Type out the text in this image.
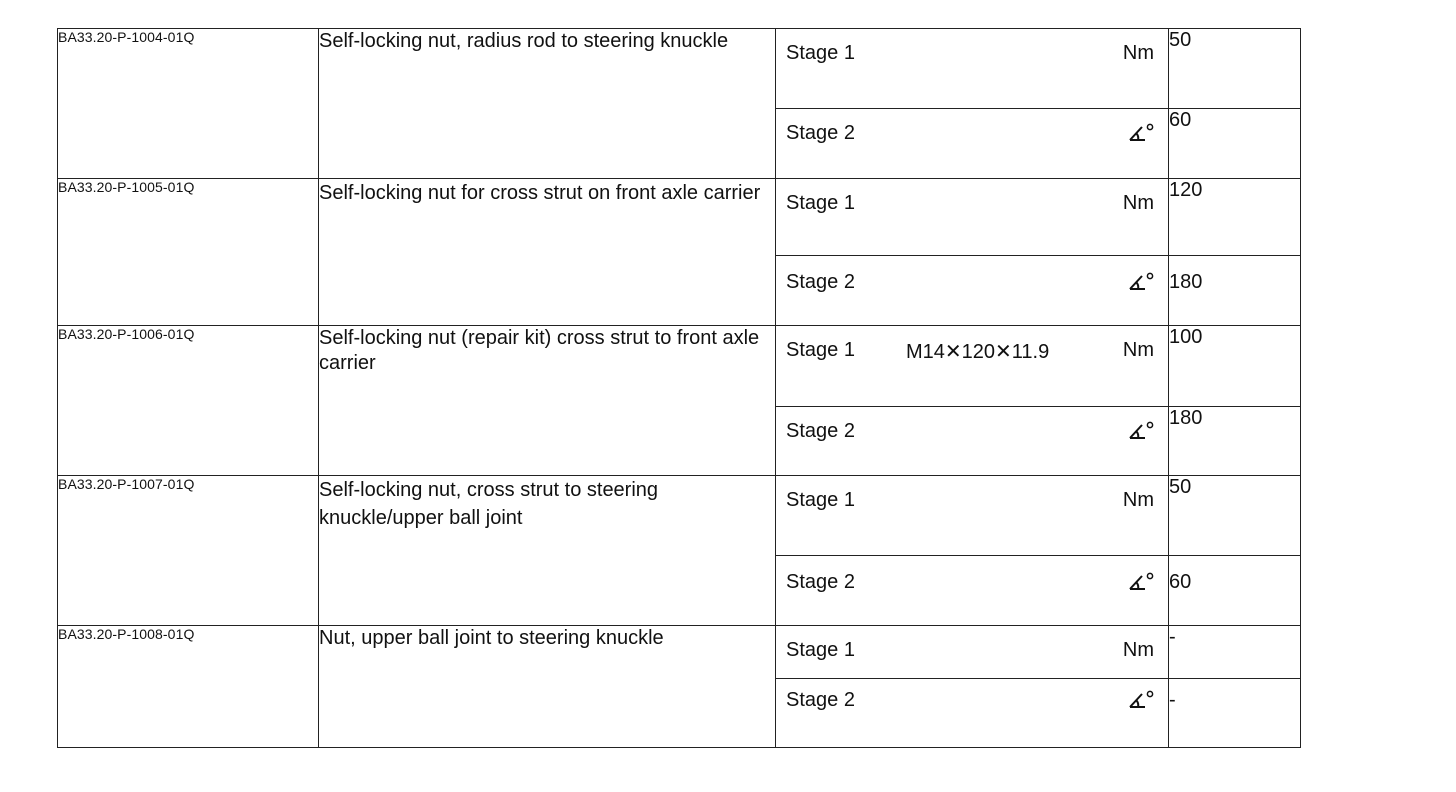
BA33.20-P-1004-01Q	Self-locking nut, radius rod to steering knuckle	Stage 1 Nm	50

		Stage 2	60
BA33.20-P-1005-01Q	Self-locking nut for cross strut on front axle carrier	Stage 1 Nm	120

		Stage 2	180
BA33.20-P-1006-01Q	Self-locking nut (repair kit) cross strut to front axle carrier	Stage 1 M14✕120✕11.9 Nm	100

		Stage 2	180
BA33.20-P-1007-01Q	Self-locking nut, cross strut to steering knuckle/upper ball joint	Stage 1 Nm	50

		Stage 2	60
BA33.20-P-1008-01Q	Nut, upper ball joint to steering knuckle	Stage 1 Nm	-

		Stage 2	-
